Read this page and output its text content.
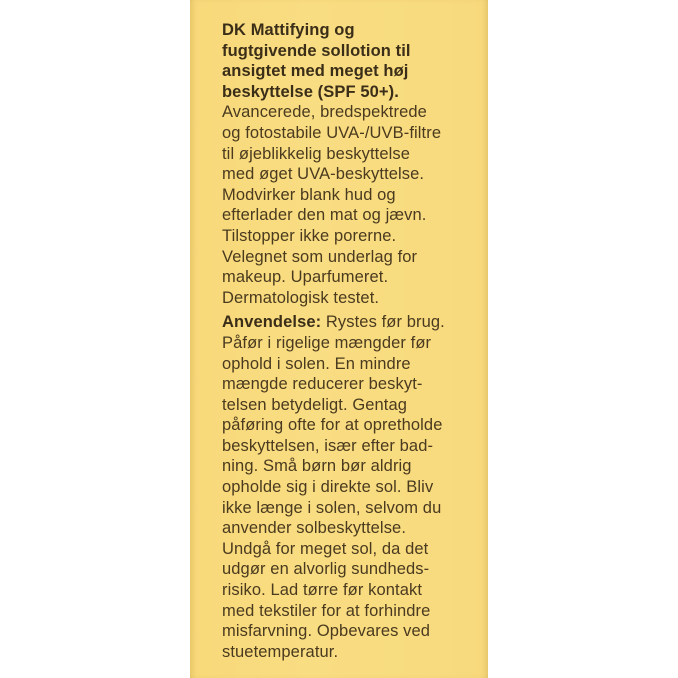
DK Mattifying og
fugtgivende sollotion til
ansigtet med meget høj
beskyttelse (SPF 50+).
Avancerede, bredspektrede
og fotostabile UVA-/UVB-filtre
til øjeblikkelig beskyttelse
med øget UVA-beskyttelse.
Modvirker blank hud og
efterlader den mat og jævn.
Tilstopper ikke porerne.
Velegnet som underlag for
makeup. Uparfumeret.
Dermatologisk testet.
Anvendelse: Rystes før brug.
Påfør i rigelige mængder før
ophold i solen. En mindre
mængde reducerer beskyt-
telsen betydeligt. Gentag
påføring ofte for at opretholde
beskyttelsen, især efter bad-
ning. Små børn bør aldrig
opholde sig i direkte sol. Bliv
ikke længe i solen, selvom du
anvender solbeskyttelse.
Undgå for meget sol, da det
udgør en alvorlig sundheds-
risiko. Lad tørre før kontakt
med tekstiler for at forhindre
misfarvning. Opbevares ved
stuetemperatur.
